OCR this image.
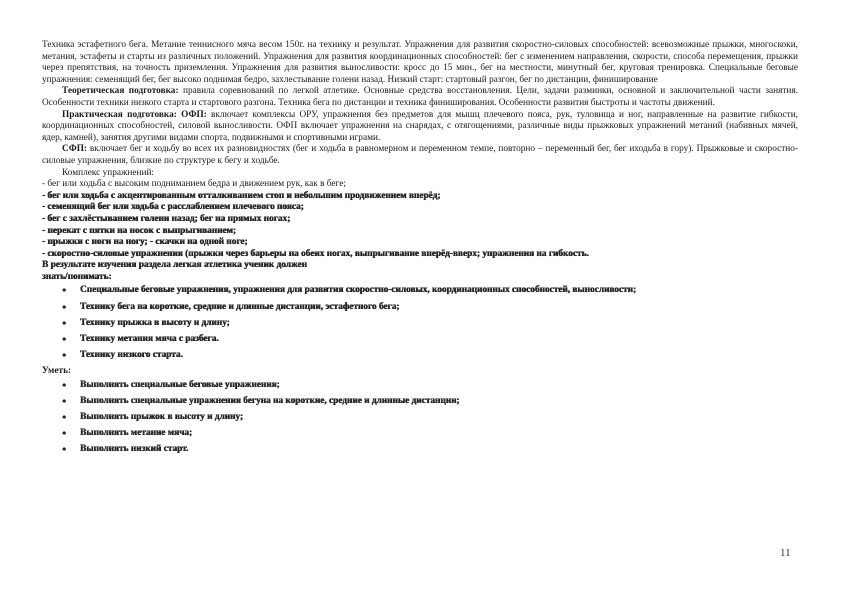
Техника эстафетного бега. Метание теннисного мяча весом 150г. на технику и результат. Упражнения для развития скоростно-силовых способностей: всевозможные прыжки, многоскоки, метания, эстафеты и старты из различных положений. Упражнения для развития координационных способностей: бег с изменением направления, скорости, способа перемещения, прыжки через препятствия, на точность приземления. Упражнения для развития выносливости: кросс до 15 мин., бег на местности, минутный бег, круговая тренировка. Специальные беговые упражнения: семенящий бег, бег высоко поднимая бедро, захлестывание голени назад. Низкий старт: стартовый разгон, бег по дистанции, финиширование

Теоретическая подготовка: правила соревнований по легкой атлетике. Основные средства восстановления. Цели, задачи разминки, основной и заключительной части занятия. Особенности техники низкого старта и стартового разгона. Техника бега по дистанции и техника финиширования. Особенности развития быстроты и частоты движений.

Практическая подготовка: ОФП: включает комплексы ОРУ, упражнения без предметов для мышц плечевого пояса, рук, туловища и ног, направленные на развитие гибкости, координационных способностей, силовой выносливости. ОФП включает упражнения на снарядах, с отягощениями, различные виды прыжковых упражнений метаний (набивных мячей, ядер, камней), занятия другими видами спорта, подвижными и спортивными играми.

СФП: включает бег и ходьбу во всех их разновидностях (бег и ходьба в равномерном и переменном темпе, повторно – переменный бег, бег иходьба в гору). Прыжковые и скоростно-силовые упражнения, близкие по структуре к бегу и ходьбе.

Комплекс упражнений:

- бег или ходьба с высоким подниманием бедра и движением рук, как в беге;

- бег или ходьба с акцентированным отталкиванием стоп и небольшим продвижением вперёд;

- семенящий бег или ходьба с расслаблением плечевого пояса;

- бег с захлёстыванием голени назад; бег на прямых ногах;

- перекат с пятки на носок с выпрыгиванием;

- прыжки с ноги на ногу; - скачки на одной ноге;

- скоростно-силовые упражнения (прыжки через барьеры на обеих ногах, выпрыгивание вперёд-вверх; упражнения на гибкость.

В результате изучения раздела легкая атлетика ученик должен

знать/понимать:

● Специальные беговые упражнения, упражнения для развития скоростно-силовых, координационных способностей, выносливости;
● Технику бега на короткие, средние и длинные дистанции, эстафетного бега;
● Технику прыжка в высоту и длину;
● Технику метания мяча с разбега.
● Технику низкого старта.

Уметь:

● Выполнять специальные беговые упражнения;
● Выполнять специальные упражнения бегуна на короткие, средние и длинные дистанции;
● Выполнять прыжок в высоту и длину;
● Выполнять метание мяча;
● Выполнять низкий старт.
11
